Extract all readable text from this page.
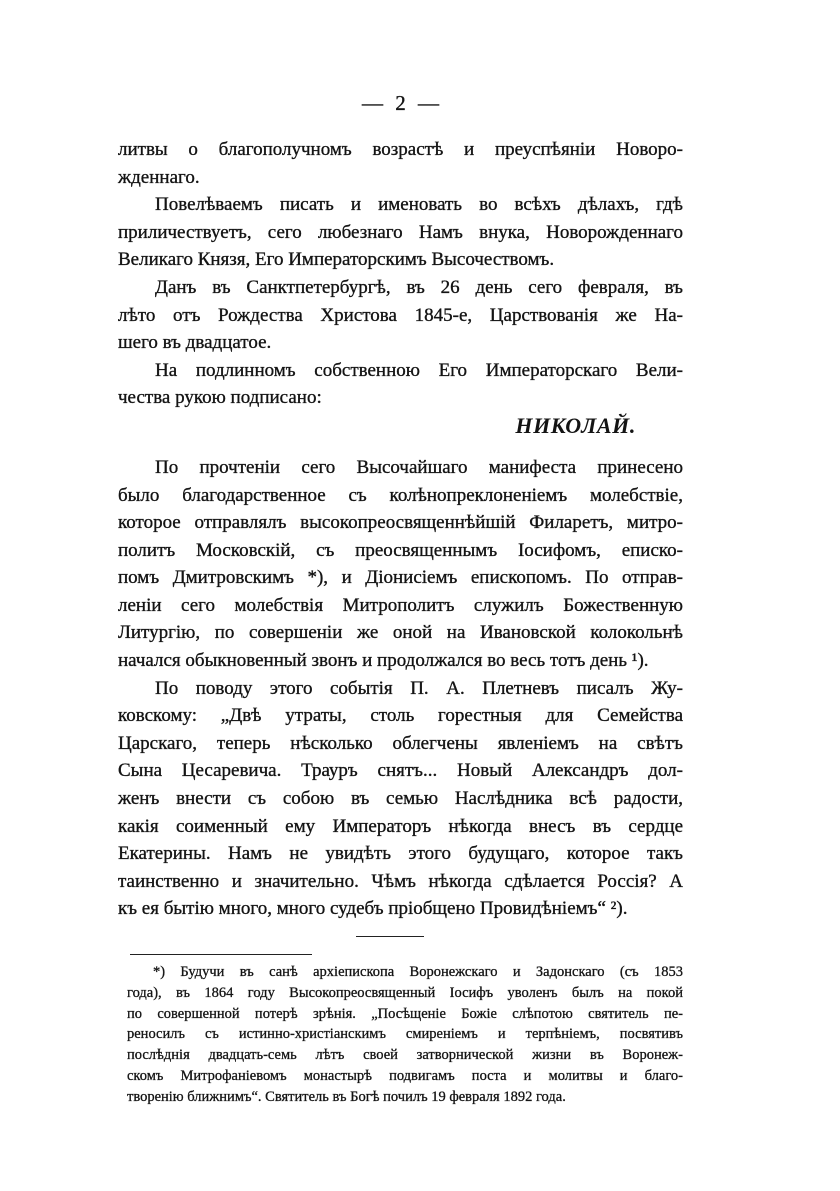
— 2 —
литвы о благополучномъ возрастѣ и преуспѣяніи Новоро-
жденнаго.
Повелѣваемъ писать и именовать во всѣхъ дѣлахъ, гдѣ
приличествуетъ, сего любезнаго Намъ внука, Новорожденнаго
Великаго Князя, Его Императорскимъ Высочествомъ.
Данъ въ Санктпетербургѣ, въ 26 день сего февраля, въ
лѣто отъ Рождества Христова 1845-е, Царствованія же На-
шего въ двадцатое.
На подлинномъ собственною Его Императорскаго Вели-
чества рукою подписано:
НИКОЛАЙ.
По прочтеніи сего Высочайшаго манифеста принесено
было благодарственное съ колѣнопреклоненіемъ молебствіе,
которое отправлялъ высокопреосвященнѣйшій Филаретъ, митро-
политъ Московскій, съ преосвященнымъ Іосифомъ, еписко-
помъ Дмитровскимъ *), и Діонисіемъ епископомъ. По отправ-
леніи сего молебствія Митрополитъ служилъ Божественную
Литургію, по совершеніи же оной на Ивановской колокольнѣ
начался обыкновенный звонъ и продолжался во весь тотъ день ¹).
По поводу этого событія П. А. Плетневъ писалъ Жу-
ковскому: „Двѣ утраты, столь горестныя для Семейства
Царскаго, теперь нѣсколько облегчены явленіемъ на свѣтъ
Сына Цесаревича. Трауръ снятъ... Новый Александръ дол-
женъ внести съ собою въ семью Наслѣдника всѣ радости,
какія соименный ему Императоръ нѣкогда внесъ въ сердце
Екатерины. Намъ не увидѣть этого будущаго, которое такъ
таинственно и значительно. Чѣмъ нѣкогда сдѣлается Россія? А
къ ея бытію много, много судебъ пріобщено Провидѣніемъ“ ²).
*) Будучи въ санѣ архіепископа Воронежскаго и Задонскаго (съ 1853
года), въ 1864 году Высокопреосвященный Іосифъ уволенъ былъ на покой
по совершенной потерѣ зрѣнія. „Посѣщеніе Божіе слѣпотою святитель пе-
реносилъ съ истинно-христіанскимъ смиреніемъ и терпѣніемъ, посвятивъ
послѣднія двадцать-семь лѣтъ своей затворнической жизни въ Воронеж-
скомъ Митрофаніевомъ монастырѣ подвигамъ поста и молитвы и благо-
творенію ближнимъ“. Святитель въ Богѣ почилъ 19 февраля 1892 года.
